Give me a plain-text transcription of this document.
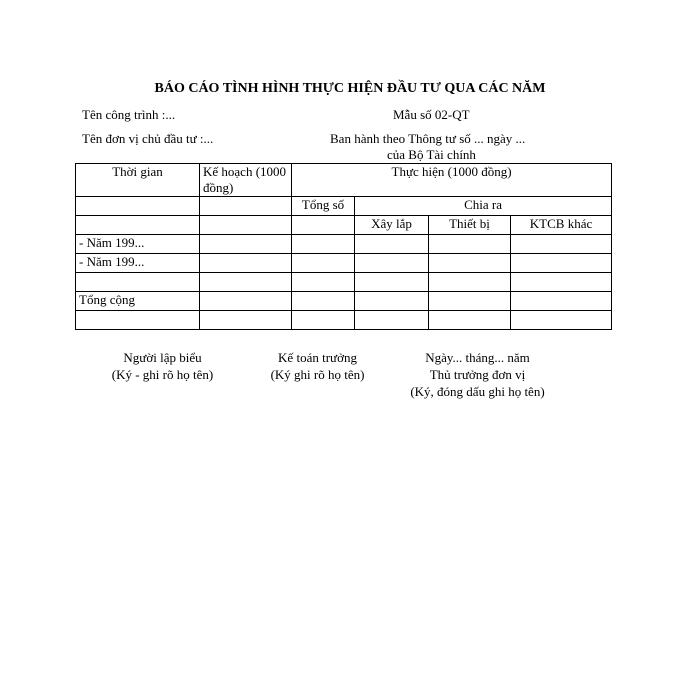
BÁO CÁO TÌNH HÌNH THỰC HIỆN ĐẦU TƯ QUA CÁC NĂM
Tên công trình :...	Mẫu số 02-QT
Tên đơn vị chủ đầu tư :...	Ban hành theo Thông tư số ... ngày ...
của Bộ Tài chính
Thời gian	Kế hoạch (1000 đồng)	Thực hiện (1000 đồng)			
		Tổng số	Chia ra		
			Xây lắp	Thiết bị	KTCB khác
- Năm 199...					
- Năm 199...					

Tổng cộng					

Người lập biểu
(Ký - ghi rõ họ tên)
Kế toán trưởng
(Ký ghi rõ họ tên)
Ngày... tháng... năm
Thủ trưởng đơn vị
(Ký, đóng dấu ghi họ tên)
